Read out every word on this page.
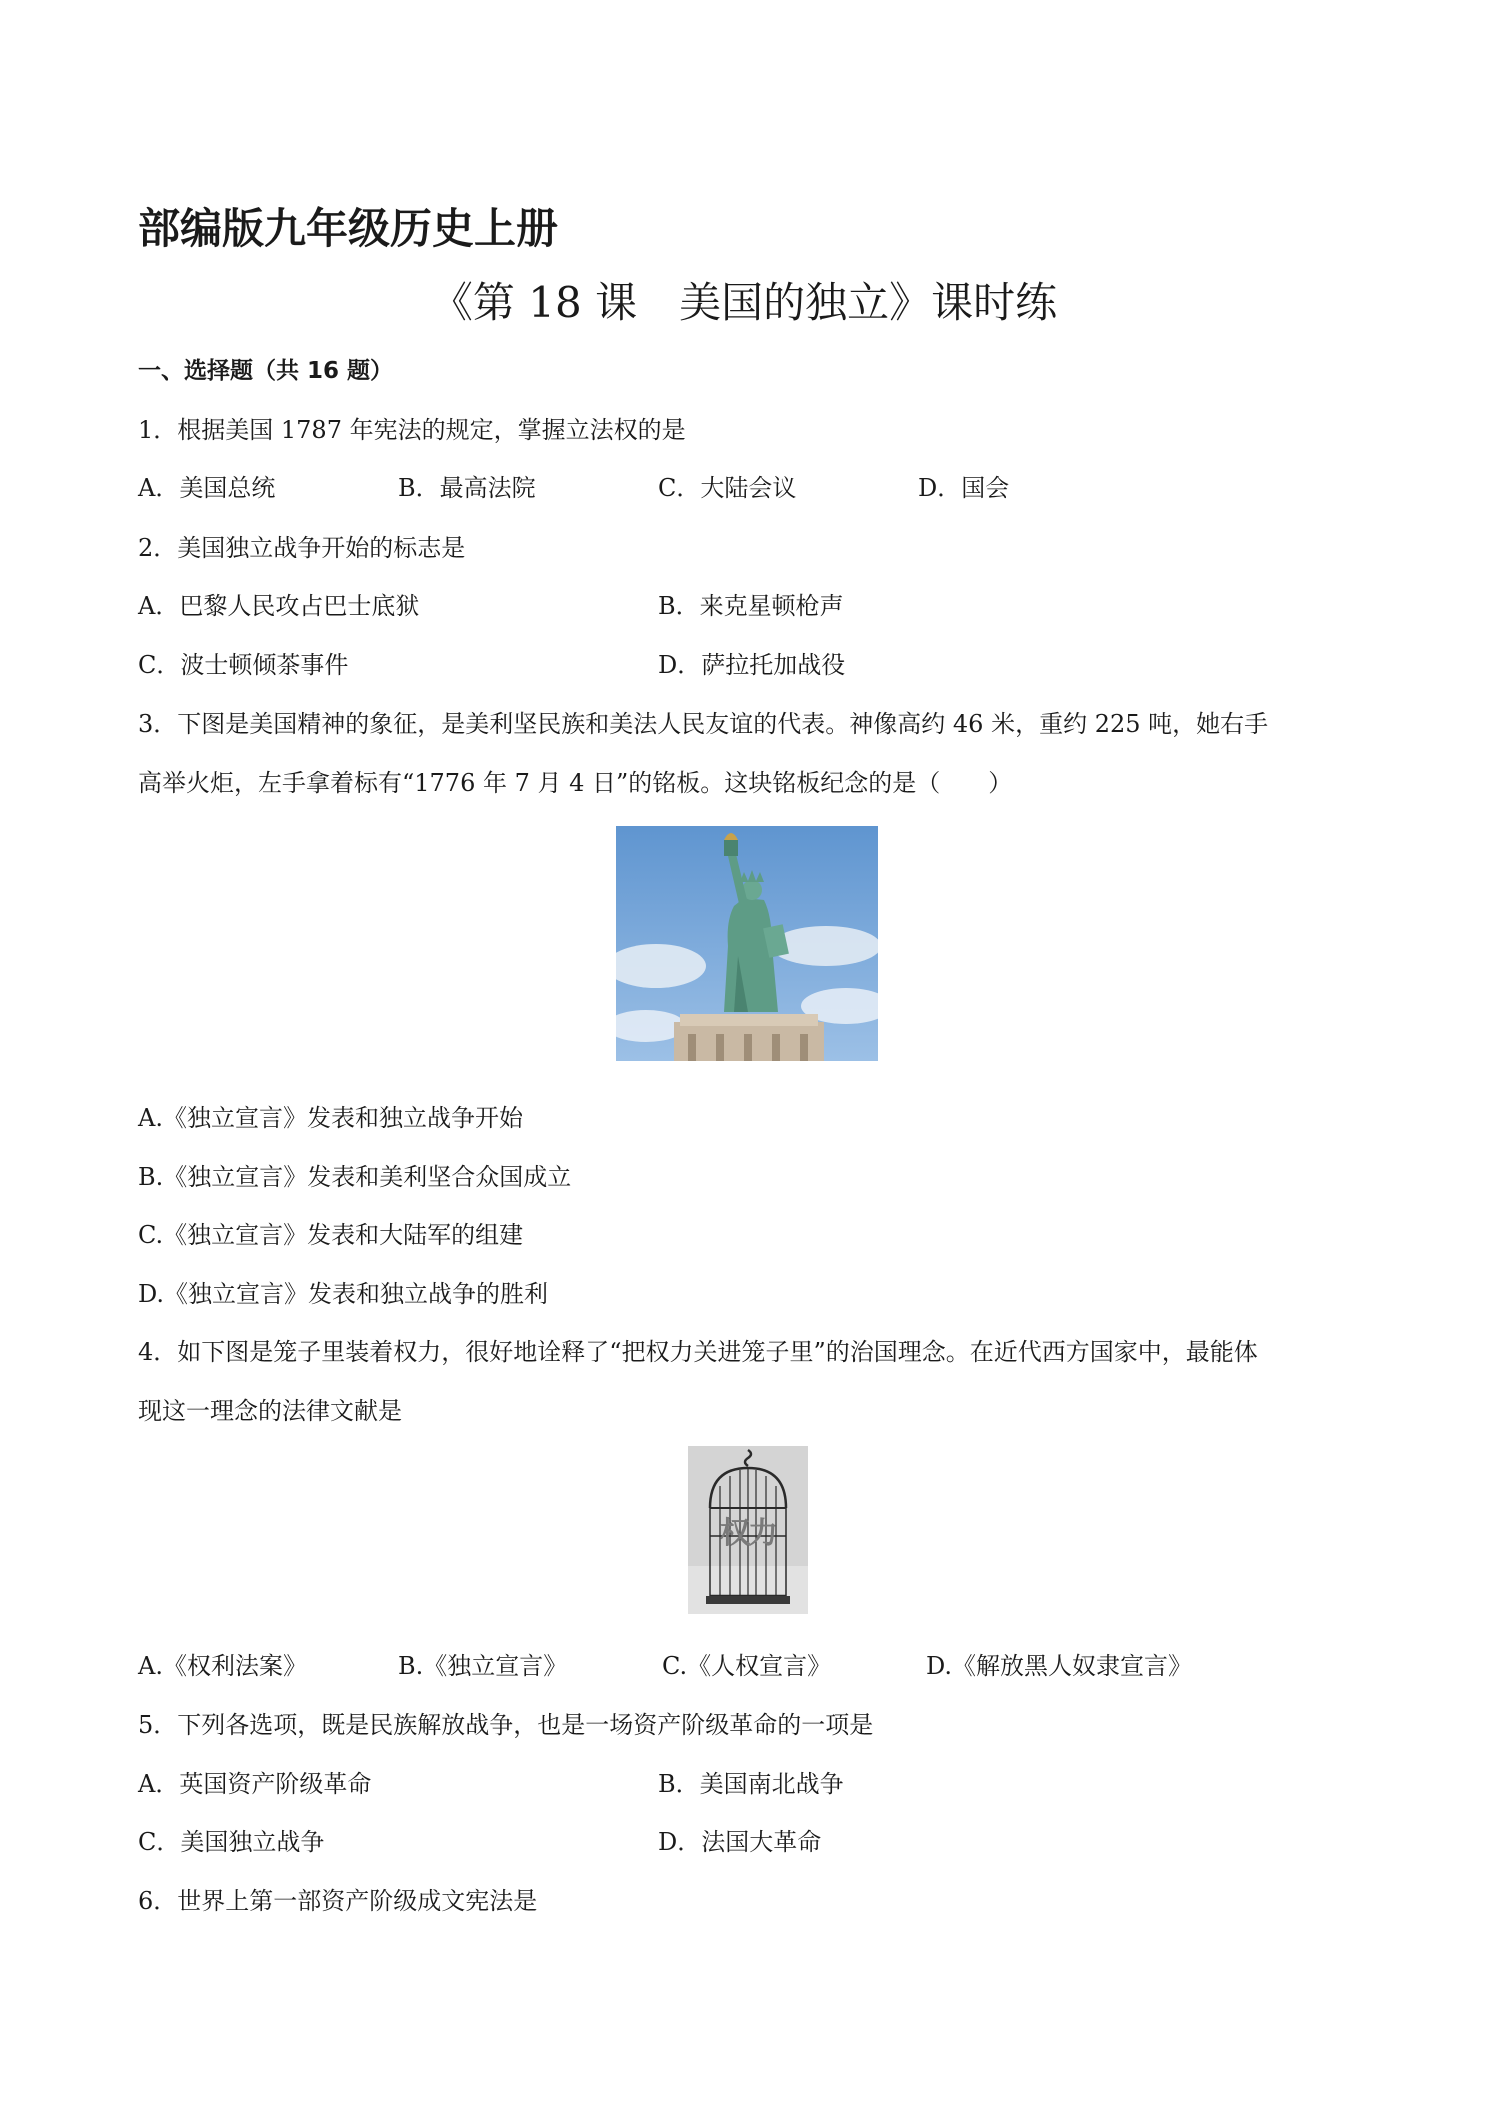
部编版九年级历史上册
《第 18 课　美国的独立》课时练
一、选择题（共 16 题）
1．根据美国 1787 年宪法的规定，掌握立法权的是
A．美国总统	B．最高法院	C．大陆会议	D．国会
2．美国独立战争开始的标志是
A．巴黎人民攻占巴士底狱	B．来克星顿枪声
C．波士顿倾茶事件	D．萨拉托加战役
3．下图是美国精神的象征，是美利坚民族和美法人民友谊的代表。神像高约 46 米，重约 225 吨，她右手
高举火炬，左手拿着标有“1776 年 7 月 4 日”的铭板。这块铭板纪念的是（　　）
A.《独立宣言》发表和独立战争开始
B.《独立宣言》发表和美利坚合众国成立
C.《独立宣言》发表和大陆军的组建
D.《独立宣言》发表和独立战争的胜利
4．如下图是笼子里装着权力，很好地诠释了“把权力关进笼子里”的治国理念。在近代西方国家中，最能体
现这一理念的法律文献是
权力
A.《权利法案》	B.《独立宣言》	C.《人权宣言》	D.《解放黑人奴隶宣言》
5．下列各选项，既是民族解放战争，也是一场资产阶级革命的一项是
A．英国资产阶级革命	B．美国南北战争
C．美国独立战争	D．法国大革命
6．世界上第一部资产阶级成文宪法是
